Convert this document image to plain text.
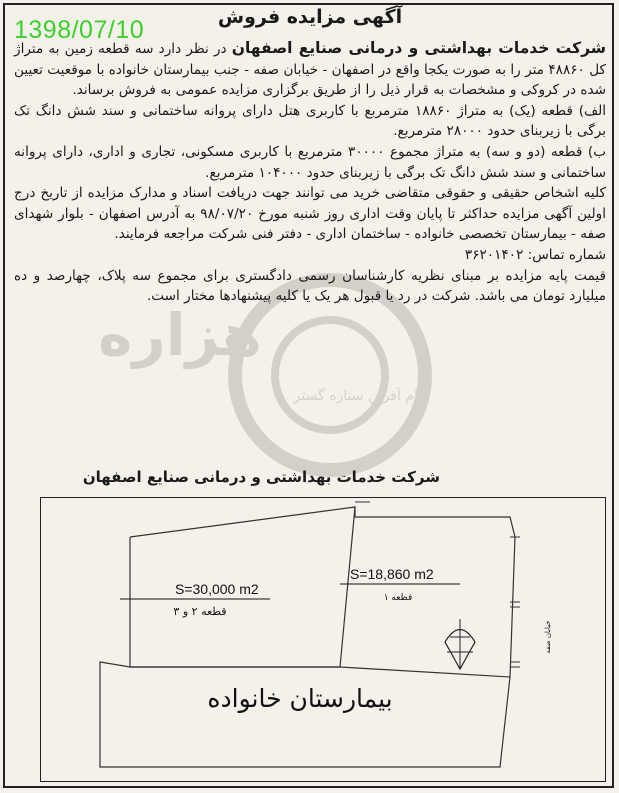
1398/07/10	آگهی مزایده فروش
هزاره
پیام آفرین ستاره گستر

شرکت خدمات بهداشتی و درمانی صنایع اصفهان در نظر دارد سه قطعه زمین به متراژ کل ۴۸۸۶۰ متر را به صورت یکجا واقع در اصفهان - خیابان صفه - جنب بیمارستان خانواده با موقعیت تعیین شده در کروکی و مشخصات به قرار ذیل را از طریق برگزاری مزایده عمومی به فروش برساند.

الف) قطعه (یک) به متراژ ۱۸۸۶۰ مترمربع با کاربری هتل دارای پروانه ساختمانی و سند شش دانگ تک برگی با زیربنای حدود ۲۸۰۰۰ مترمربع.

ب) قطعه (دو و سه) به متراژ مجموع ۳۰۰۰۰ مترمربع با کاربری مسکونی، تجاری و اداری، دارای پروانه ساختمانی و سند شش دانگ تک برگی با زیربنای حدود ۱۰۴۰۰۰ مترمربع.

کلیه اشخاص حقیقی و حقوقی متقاضی خرید می توانند جهت دریافت اسناد و مدارک مزایده از تاریخ درج اولین آگهی مزایده حداکثر تا پایان وقت اداری روز شنبه مورخ ۹۸/۰۷/۲۰ به آدرس اصفهان - بلوار شهدای صفه - بیمارستان تخصصی خانواده - ساختمان اداری - دفتر فنی شرکت مراجعه فرمایند.

شماره تماس: ۳۶۲۰۱۴۰۲

قیمت پایه مزایده بر مبنای نظریه کارشناسان رسمی دادگستری برای مجموع سه پلاک، چهارصد و ده میلیارد تومان می باشد. شرکت در رد یا قبول هر یک یا کلیه پیشنهادها مختار است.

شرکت خدمات بهداشتی و درمانی صنایع اصفهان
S=30,000 m2
قطعه ۲ و ۳
S=18,860 m2
قطعه ۱
خیابان صفه
بیمارستان خانواده
